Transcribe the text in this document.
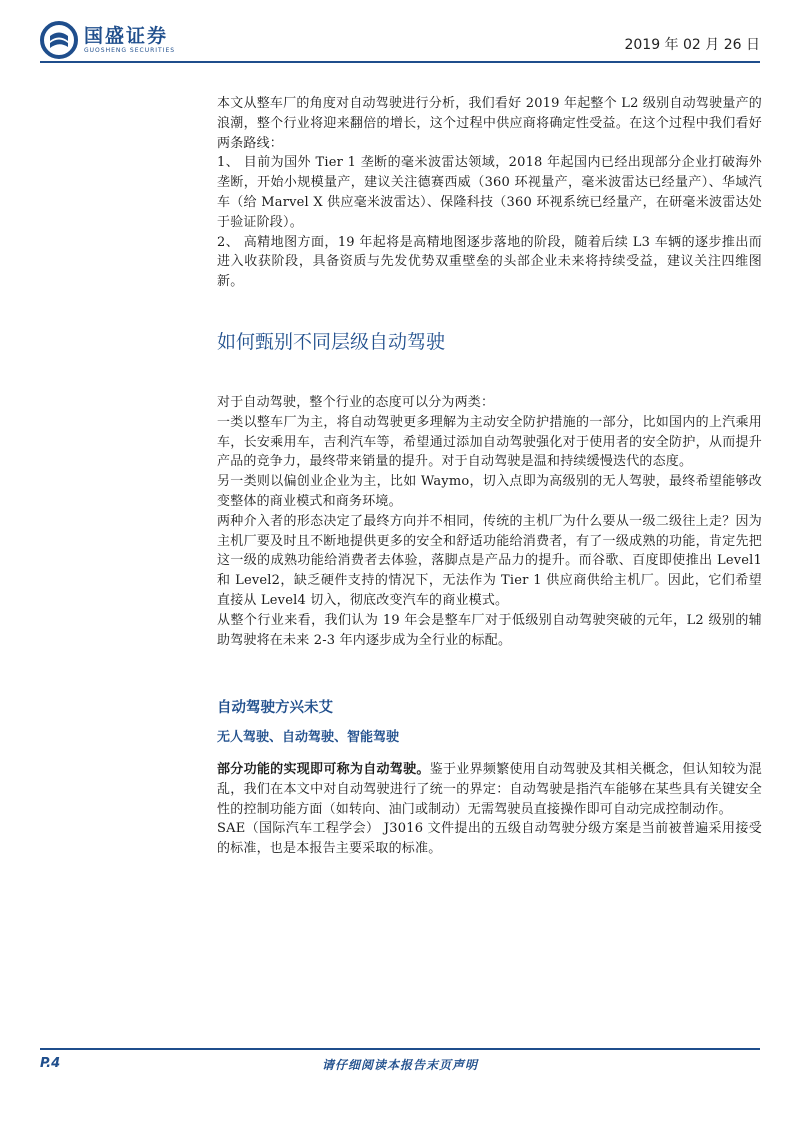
国盛证券
GUOSHENG SECURITIES	2019 年 02 月 26 日

本文从整车厂的角度对自动驾驶进行分析，我们看好 2019 年起整个 L2 级别自动驾驶量产的浪潮，整个行业将迎来翻倍的增长，这个过程中供应商将确定性受益。在这个过程中我们看好两条路线：

1、 目前为国外 Tier 1 垄断的毫米波雷达领域，2018 年起国内已经出现部分企业打破海外垄断，开始小规模量产，建议关注德赛西威（360 环视量产，毫米波雷达已经量产）、华域汽车（给 Marvel X 供应毫米波雷达）、保隆科技（360 环视系统已经量产，在研毫米波雷达处于验证阶段）。

2、 高精地图方面，19 年起将是高精地图逐步落地的阶段，随着后续 L3 车辆的逐步推出而进入收获阶段，具备资质与先发优势双重壁垒的头部企业未来将持续受益，建议关注四维图新。

如何甄别不同层级自动驾驶

对于自动驾驶，整个行业的态度可以分为两类：

一类以整车厂为主，将自动驾驶更多理解为主动安全防护措施的一部分，比如国内的上汽乘用车，长安乘用车，吉利汽车等，希望通过添加自动驾驶强化对于使用者的安全防护，从而提升产品的竞争力，最终带来销量的提升。对于自动驾驶是温和持续缓慢迭代的态度。

另一类则以偏创业企业为主，比如 Waymo，切入点即为高级别的无人驾驶，最终希望能够改变整体的商业模式和商务环境。

两种介入者的形态决定了最终方向并不相同，传统的主机厂为什么要从一级二级往上走？因为主机厂要及时且不断地提供更多的安全和舒适功能给消费者，有了一级成熟的功能，肯定先把这一级的成熟功能给消费者去体验，落脚点是产品力的提升。而谷歌、百度即使推出 Level1 和 Level2，缺乏硬件支持的情况下，无法作为 Tier 1 供应商供给主机厂。因此，它们希望直接从 Level4 切入，彻底改变汽车的商业模式。

从整个行业来看，我们认为 19 年会是整车厂对于低级别自动驾驶突破的元年，L2 级别的辅助驾驶将在未来 2-3 年内逐步成为全行业的标配。

自动驾驶方兴未艾
无人驾驶、自动驾驶、智能驾驶

部分功能的实现即可称为自动驾驶。鉴于业界频繁使用自动驾驶及其相关概念，但认知较为混乱，我们在本文中对自动驾驶进行了统一的界定：自动驾驶是指汽车能够在某些具有关键安全性的控制功能方面（如转向、油门或制动）无需驾驶员直接操作即可自动完成控制动作。

SAE（国际汽车工程学会） J3016 文件提出的五级自动驾驶分级方案是当前被普遍采用接受的标准，也是本报告主要采取的标准。

P.4	请仔细阅读本报告末页声明
